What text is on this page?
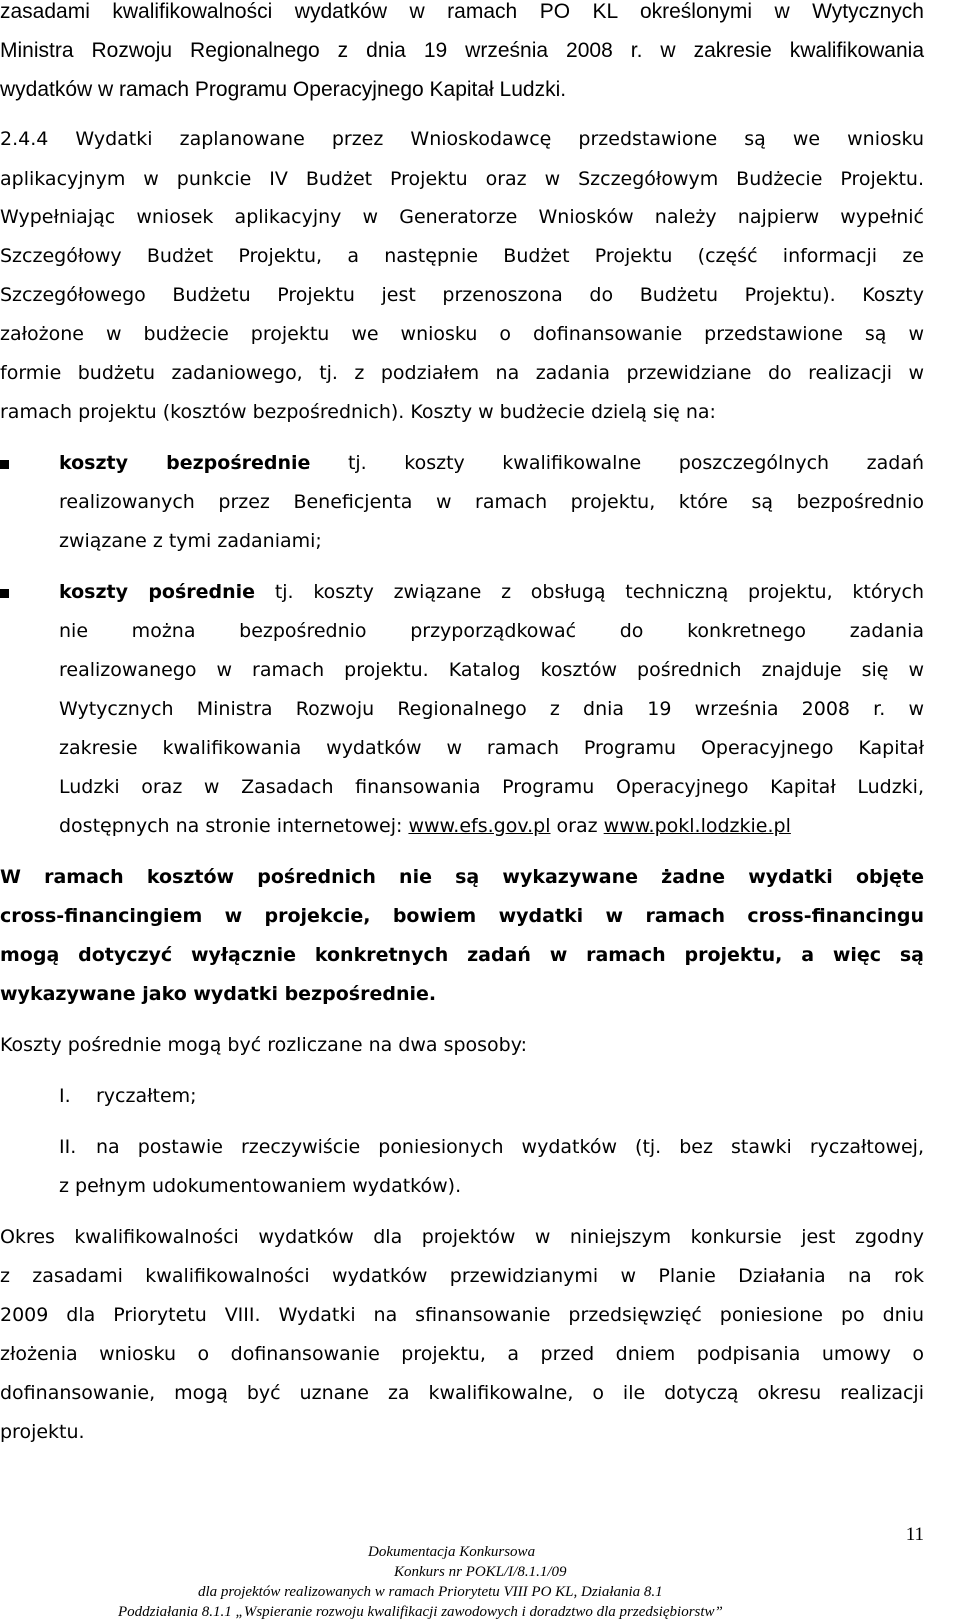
zasadami kwalifikowalności wydatków w ramach PO KL określonymi w Wytycznych

Ministra Rozwoju Regionalnego z dnia 19 września 2008 r. w zakresie kwalifikowania

wydatków w ramach Programu Operacyjnego Kapitał Ludzki.

2.4.4 Wydatki zaplanowane przez Wnioskodawcę przedstawione są we wniosku

aplikacyjnym w punkcie IV Budżet Projektu oraz w Szczegółowym Budżecie Projektu.

Wypełniając wniosek aplikacyjny w Generatorze Wniosków należy najpierw wypełnić

Szczegółowy Budżet Projektu, a następnie Budżet Projektu (część informacji ze

Szczegółowego Budżetu Projektu jest przenoszona do Budżetu Projektu). Koszty

założone w budżecie projektu we wniosku o dofinansowanie przedstawione są w

formie budżetu zadaniowego, tj. z podziałem na zadania przewidziane do realizacji w

ramach projektu (kosztów bezpośrednich). Koszty w budżecie dzielą się na:

koszty bezpośrednie tj. koszty kwalifikowalne poszczególnych zadań

realizowanych przez Beneficjenta w ramach projektu, które są bezpośrednio

związane z tymi zadaniami;

koszty pośrednie tj. koszty związane z obsługą techniczną projektu, których

nie można bezpośrednio przyporządkować do konkretnego zadania

realizowanego w ramach projektu. Katalog kosztów pośrednich znajduje się w

Wytycznych Ministra Rozwoju Regionalnego z dnia 19 września 2008 r. w

zakresie kwalifikowania wydatków w ramach Programu Operacyjnego Kapitał

Ludzki oraz w Zasadach finansowania Programu Operacyjnego Kapitał Ludzki,

dostępnych na stronie internetowej: www.efs.gov.pl oraz www.pokl.lodzkie.pl

W ramach kosztów pośrednich nie są wykazywane żadne wydatki objęte

cross-financingiem w projekcie, bowiem wydatki w ramach cross-financingu

mogą dotyczyć wyłącznie konkretnych zadań w ramach projektu, a więc są

wykazywane jako wydatki bezpośrednie.

Koszty pośrednie mogą być rozliczane na dwa sposoby:

I. ryczałtem;
II. na postawie rzeczywiście poniesionych wydatków (tj. bez stawki ryczałtowej,

z pełnym udokumentowaniem wydatków).

Okres kwalifikowalności wydatków dla projektów w niniejszym konkursie jest zgodny

z zasadami kwalifikowalności wydatków przewidzianymi w Planie Działania na rok

2009 dla Priorytetu VIII. Wydatki na sfinansowanie przedsięwzięć poniesione po dniu

złożenia wniosku o dofinansowanie projektu, a przed dniem podpisania umowy o

dofinansowanie, mogą być uznane za kwalifikowalne, o ile dotyczą okresu realizacji

projektu.

11
Dokumentacja Konkursowa
Konkurs nr POKL/I/8.1.1/09
dla projektów realizowanych w ramach Priorytetu VIII PO KL, Działania 8.1
Poddziałania 8.1.1 „Wspieranie rozwoju kwalifikacji zawodowych i doradztwo dla przedsiębiorstw”
